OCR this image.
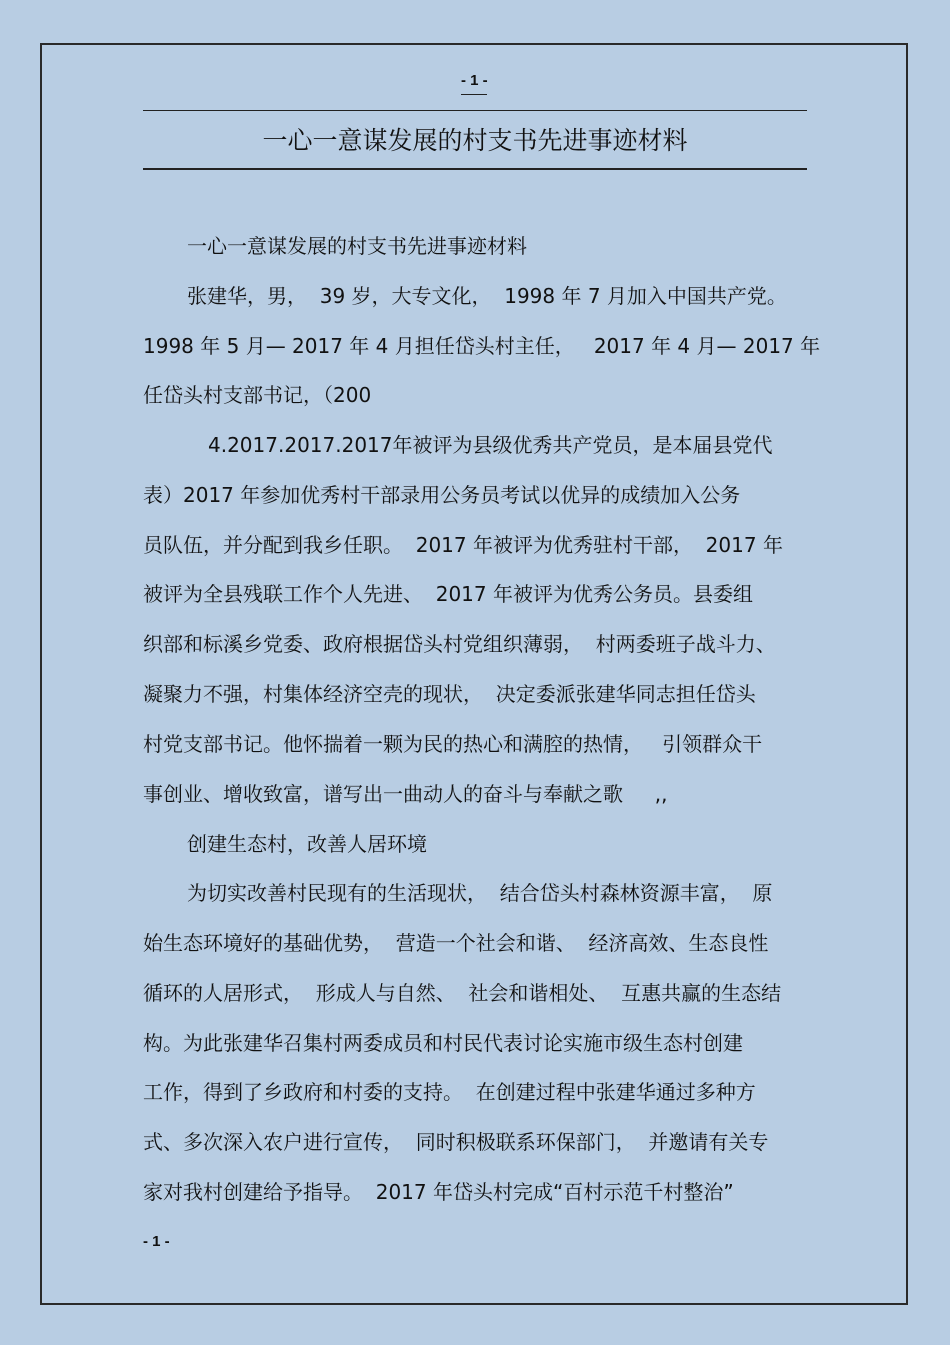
- 1 -
一心一意谋发展的村支书先进事迹材料
一心一意谋发展的村支书先进事迹材料
张建华，男，  39 岁，大专文化，  1998 年 7 月加入中国共产党。
1998 年 5 月— 2017 年 4 月担任岱头村主任，   2017 年 4 月— 2017 年
任岱头村支部书记，（200
4.2017.2017.2017年被评为县级优秀共产党员，是本届县党代
表）2017 年参加优秀村干部录用公务员考试以优异的成绩加入公务
员队伍，并分配到我乡任职。  2017 年被评为优秀驻村干部，  2017 年
被评为全县残联工作个人先进、  2017 年被评为优秀公务员。县委组
织部和标溪乡党委、政府根据岱头村党组织薄弱，  村两委班子战斗力、
凝聚力不强，村集体经济空壳的现状，  决定委派张建华同志担任岱头
村党支部书记。他怀揣着一颗为民的热心和满腔的热情，   引领群众干
事创业、增收致富，谱写出一曲动人的奋斗与奉献之歌     ,,
创建生态村，改善人居环境
为切实改善村民现有的生活现状，  结合岱头村森林资源丰富，  原
始生态环境好的基础优势，  营造一个社会和谐、  经济高效、生态良性
循环的人居形式，  形成人与自然、  社会和谐相处、  互惠共赢的生态结
构。为此张建华召集村两委成员和村民代表讨论实施市级生态村创建
工作，得到了乡政府和村委的支持。  在创建过程中张建华通过多种方
式、多次深入农户进行宣传，  同时积极联系环保部门，  并邀请有关专
家对我村创建给予指导。  2017 年岱头村完成“百村示范千村整治”
- 1 -
